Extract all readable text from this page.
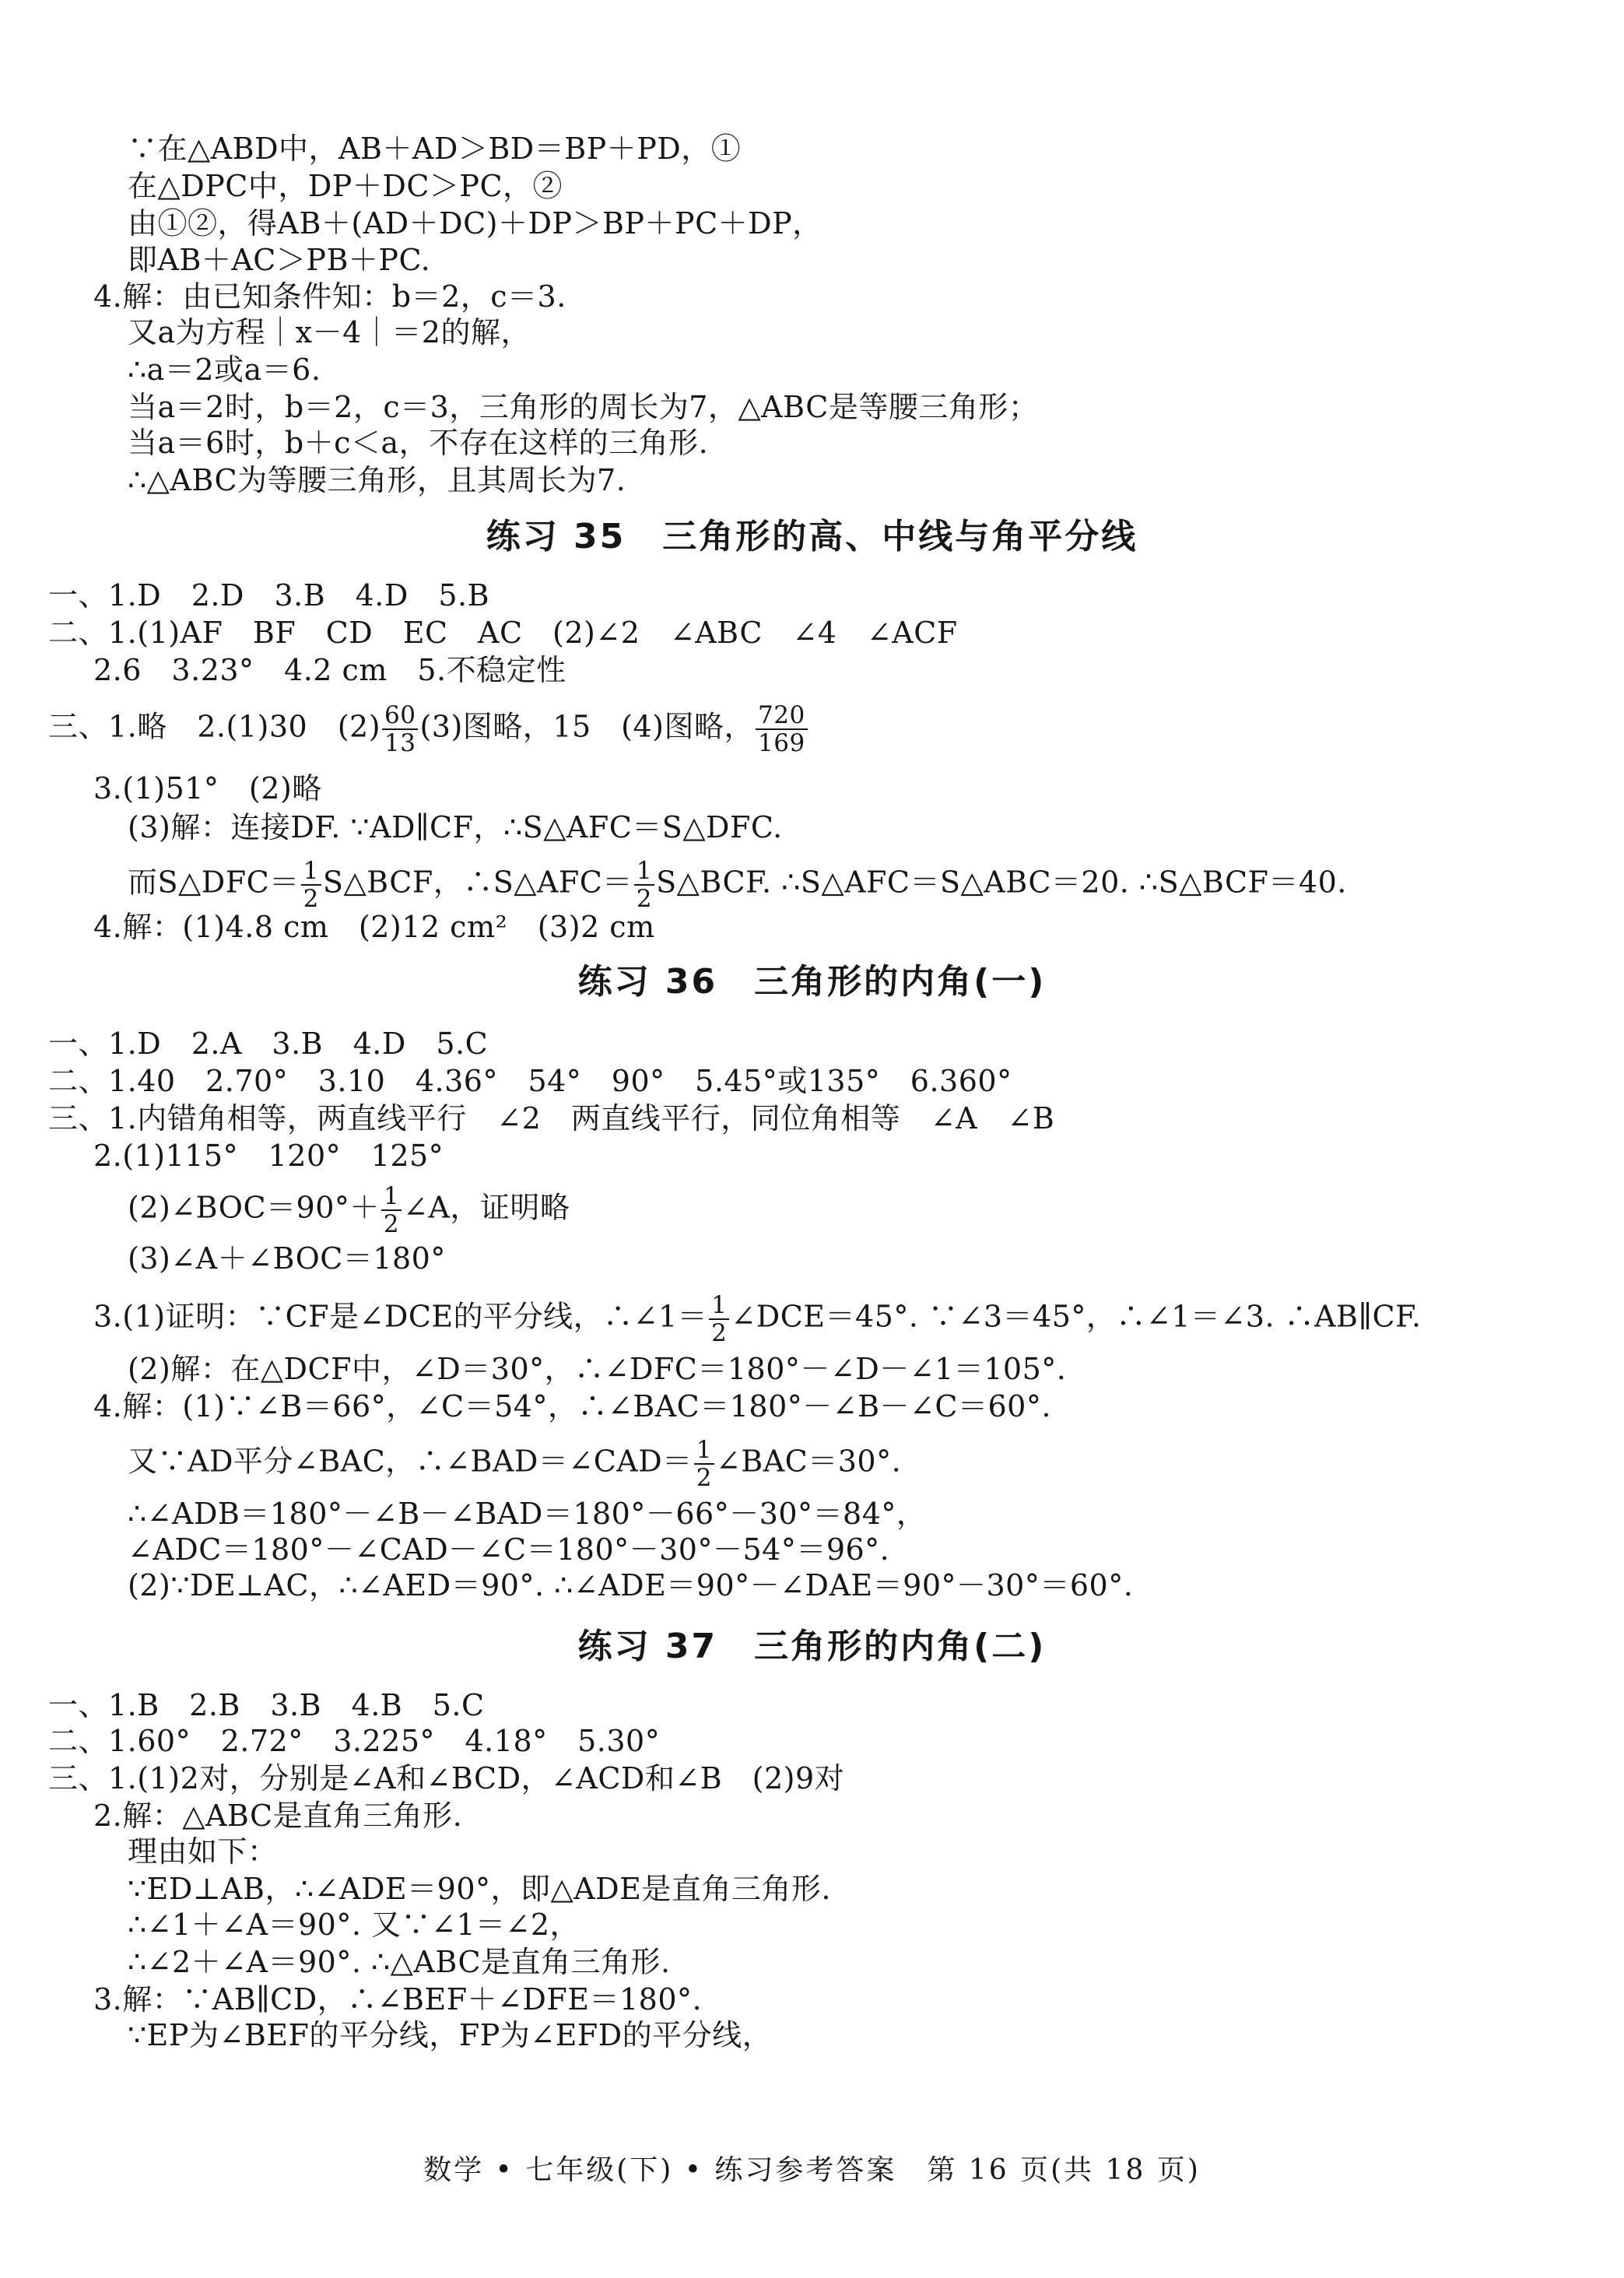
∵在△ABD中，AB＋AD＞BD＝BP＋PD，①
在△DPC中，DP＋DC＞PC，②
由①②，得AB＋(AD＋DC)＋DP＞BP＋PC＋DP，
即AB＋AC＞PB＋PC.
4.解：由已知条件知：b＝2，c＝3.
又a为方程｜x－4｜＝2的解，
∴a＝2或a＝6.
当a＝2时，b＝2，c＝3，三角形的周长为7，△ABC是等腰三角形；
当a＝6时，b＋c＜a，不存在这样的三角形.
∴△ABC为等腰三角形，且其周长为7.
练习 35　三角形的高、中线与角平分线
一、1.D　2.D　3.B　4.D　5.B
二、1.(1)AF　BF　CD　EC　AC　(2)∠2　∠ABC　∠4　∠ACF
2.6　3.23°　4.2 cm　5.不稳定性
三、1.略　2.(1)30　$(2) \frac{60}{13} (3)$图略，15　(4)图略， $\frac{720}{169}$
3.(1)51°　(2)略
(3)解：连接DF. ∵AD∥CF，∴S△AFC＝S△DFC.
而S△DFC＝ $\frac{1}{2}$ S△BCF，∴S△AFC＝ $\frac{1}{2}$ S△BCF. ∴S△AFC＝S△ABC＝20. ∴S△BCF＝40.
4.解：(1)4.8 cm　(2)12 cm²　(3)2 cm
练习 36　三角形的内角(一)
一、1.D　2.A　3.B　4.D　5.C
二、1.40　2.70°　3.10　4.36°　54°　90°　5.45°或135°　6.360°
三、1.内错角相等，两直线平行　∠2　两直线平行，同位角相等　∠A　∠B
2.(1)115°　120°　125°
(2)∠BOC＝90°＋ $\frac{1}{2}$ ∠A，证明略
(3)∠A＋∠BOC＝180°
3.(1)证明：∵CF是∠DCE的平分线，∴∠1＝ $\frac{1}{2}$ ∠DCE＝45°. ∵∠3＝45°，∴∠1＝∠3. ∴AB∥CF.
(2)解：在△DCF中，∠D＝30°，∴∠DFC＝180°－∠D－∠1＝105°.
4.解：(1)∵∠B＝66°，∠C＝54°，∴∠BAC＝180°－∠B－∠C＝60°.
又∵AD平分∠BAC，∴∠BAD＝∠CAD＝ $\frac{1}{2}$ ∠BAC＝30°.
∴∠ADB＝180°－∠B－∠BAD＝180°－66°－30°＝84°，
∠ADC＝180°－∠CAD－∠C＝180°－30°－54°＝96°.
(2)∵DE⊥AC，∴∠AED＝90°. ∴∠ADE＝90°－∠DAE＝90°－30°＝60°.
练习 37　三角形的内角(二)
一、1.B　2.B　3.B　4.B　5.C
二、1.60°　2.72°　3.225°　4.18°　5.30°
三、1.(1)2对，分别是∠A和∠BCD，∠ACD和∠B　(2)9对
2.解：△ABC是直角三角形.
理由如下：
∵ED⊥AB，∴∠ADE＝90°，即△ADE是直角三角形.
∴∠1＋∠A＝90°. 又∵∠1＝∠2，
∴∠2＋∠A＝90°. ∴△ABC是直角三角形.
3.解：∵AB∥CD，∴∠BEF＋∠DFE＝180°.
∵EP为∠BEF的平分线，FP为∠EFD的平分线，
数学 • 七年级(下) • 练习参考答案　第 16 页(共 18 页)
